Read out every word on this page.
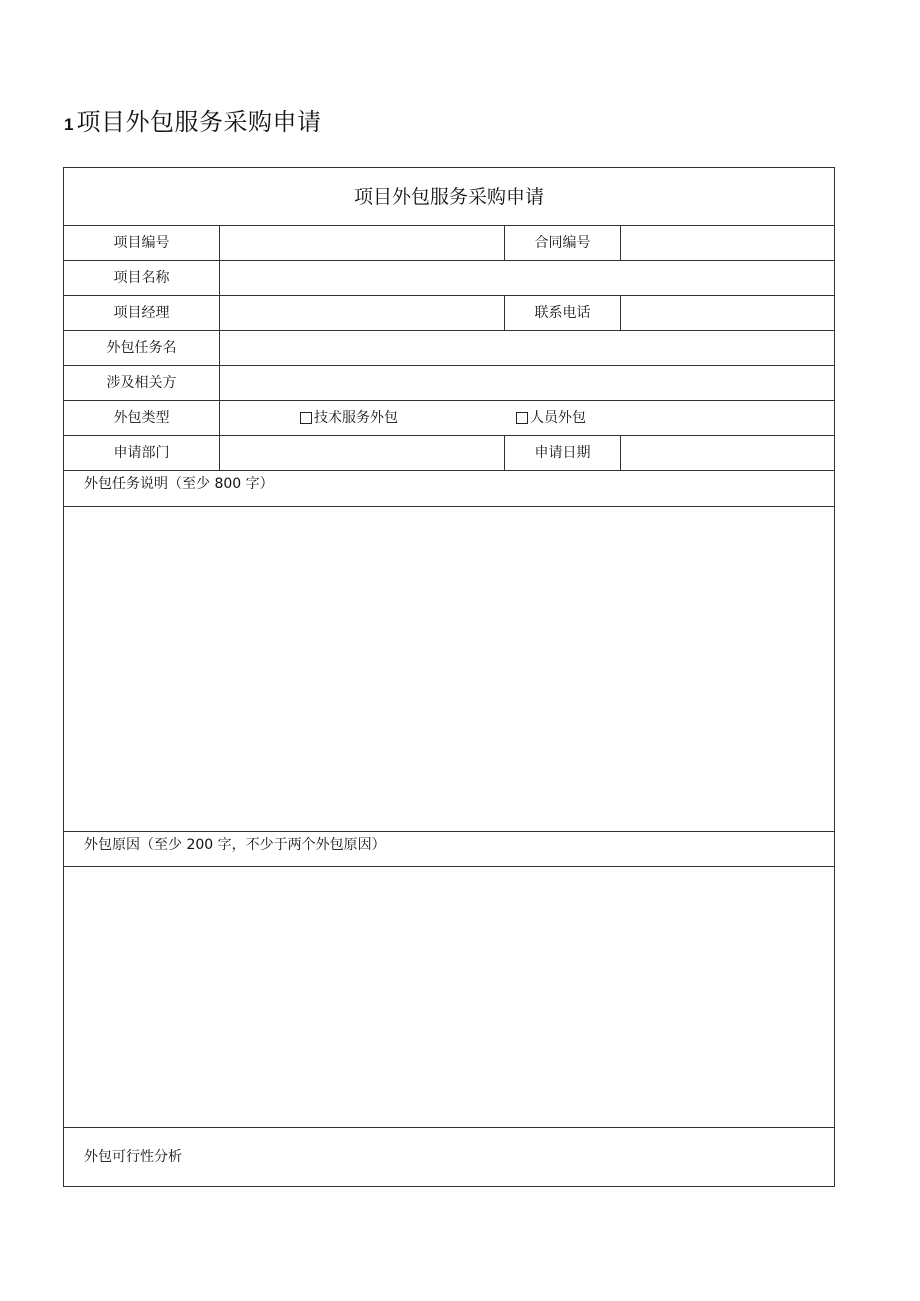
1 项目外包服务采购申请
项目外包服务采购申请
项目编号	合同编号
项目名称
项目经理	联系电话
外包任务名
涉及相关方
外包类型	技术服务外包	人员外包
申请部门	申请日期
外包任务说明（至少 800 字）
外包原因（至少 200 字，不少于两个外包原因）
外包可行性分析
